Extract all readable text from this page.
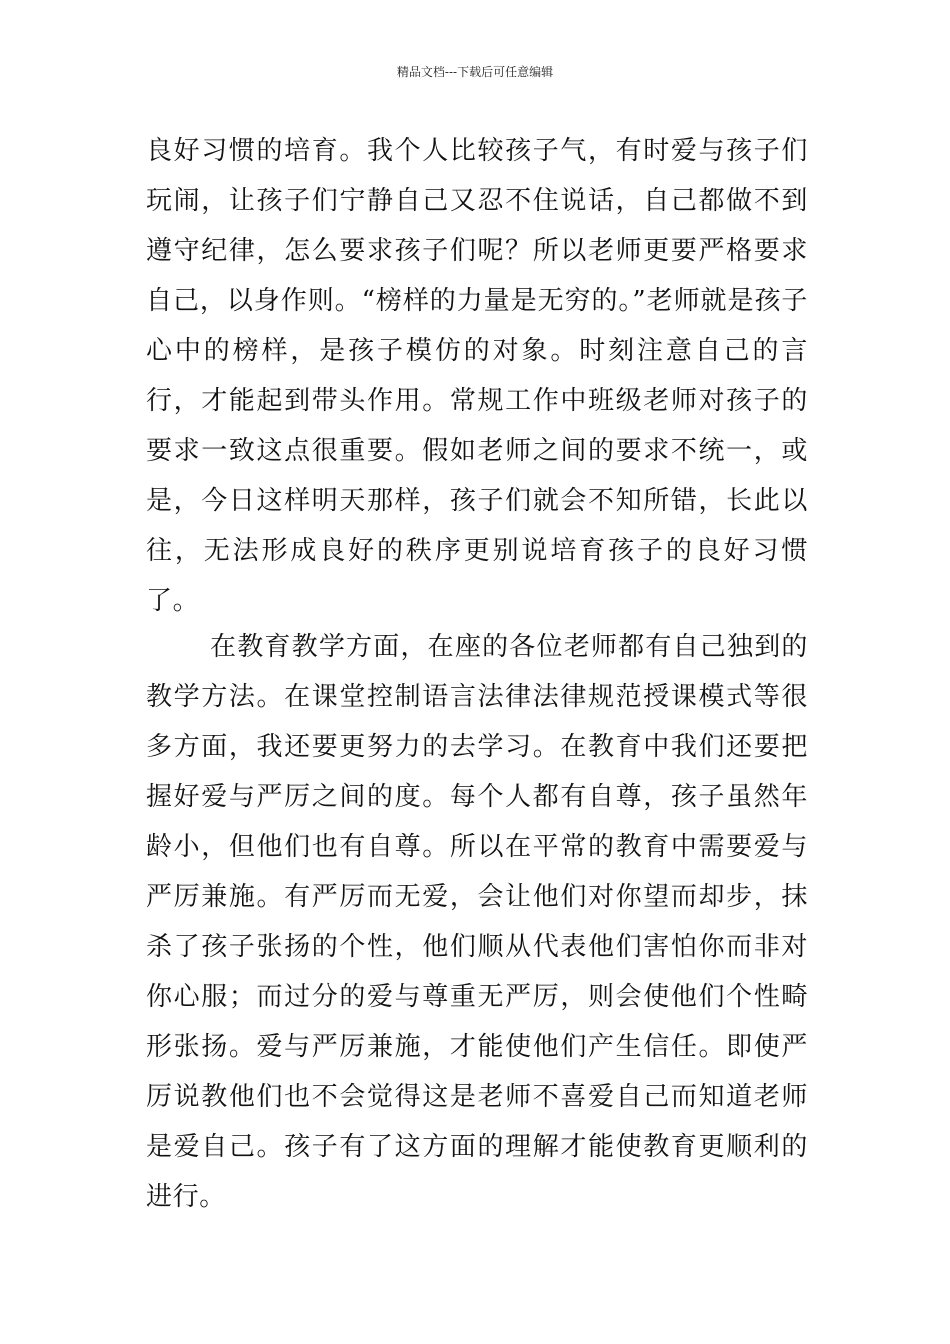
精品文档---下载后可任意编辑

良好习惯的培育。我个人比较孩子气，有时爱与孩子们玩闹，让孩子们宁静自己又忍不住说话，自己都做不到遵守纪律，怎么要求孩子们呢？所以老师更要严格要求自己，以身作则。“榜样的力量是无穷的。”老师就是孩子心中的榜样，是孩子模仿的对象。时刻注意自己的言行，才能起到带头作用。常规工作中班级老师对孩子的要求一致这点很重要。假如老师之间的要求不统一，或是，今日这样明天那样，孩子们就会不知所错，长此以往，无法形成良好的秩序更别说培育孩子的良好习惯了。

在教育教学方面，在座的各位老师都有自己独到的教学方法。在课堂控制语言法律法律规范授课模式等很多方面，我还要更努力的去学习。在教育中我们还要把握好爱与严厉之间的度。每个人都有自尊，孩子虽然年龄小，但他们也有自尊。所以在平常的教育中需要爱与严厉兼施。有严厉而无爱，会让他们对你望而却步，抹杀了孩子张扬的个性，他们顺从代表他们害怕你而非对你心服；而过分的爱与尊重无严厉，则会使他们个性畸形张扬。爱与严厉兼施，才能使他们产生信任。即使严厉说教他们也不会觉得这是老师不喜爱自己而知道老师是爱自己。孩子有了这方面的理解才能使教育更顺利的进行。
